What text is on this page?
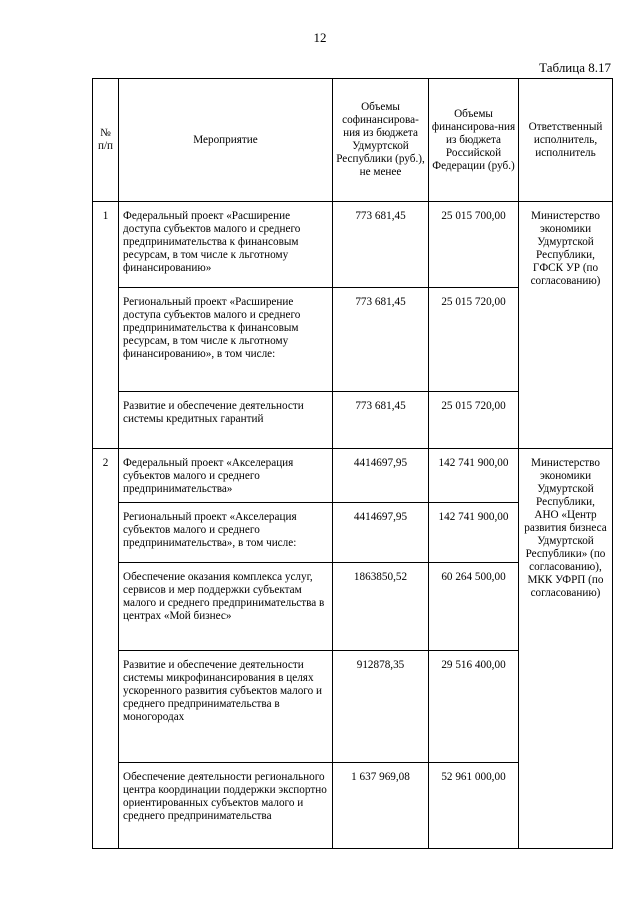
12
Таблица 8.17
№ п/п	Мероприятие	Объемы софинансирова-ния из бюджета Удмуртской Республики (руб.), не менее	Объемы финансирова-ния из бюджета Российской Федерации (руб.)	Ответственный исполнитель, исполнитель
1	Федеральный проект «Расширение доступа субъектов малого и среднего предпринимательства к финансовым ресурсам, в том числе к льготному финансированию»	773 681,45	25 015 700,00	Министерство экономики Удмуртской Республики, ГФСК УР (по согласованию)
	Региональный проект «Расширение доступа субъектов малого и среднего предпринимательства к финансовым ресурсам, в том числе к льготному финансированию», в том числе:	773 681,45	25 015 720,00	
	Развитие и обеспечение деятельности системы кредитных гарантий	773 681,45	25 015 720,00	
2	Федеральный проект «Акселерация субъектов малого и среднего предпринимательства»	4414697,95	142 741 900,00	Министерство экономики Удмуртской Республики, АНО «Центр развития бизнеса Удмуртской Республики» (по согласованию), МКК УФРП (по согласованию)
	Региональный проект «Акселерация субъектов малого и среднего предпринимательства», в том числе:	4414697,95	142 741 900,00	
	Обеспечение оказания комплекса услуг, сервисов и мер поддержки субъектам малого и среднего предпринимательства в центрах «Мой бизнес»	1863850,52	60 264 500,00	
	Развитие и обеспечение деятельности системы микрофинансирования в целях ускоренного развития субъектов малого и среднего предпринимательства в моногородах	912878,35	29 516 400,00	
	Обеспечение деятельности регионального центра координации поддержки экспортно ориентированных субъектов малого и среднего предпринимательства	1 637 969,08	52 961 000,00	
